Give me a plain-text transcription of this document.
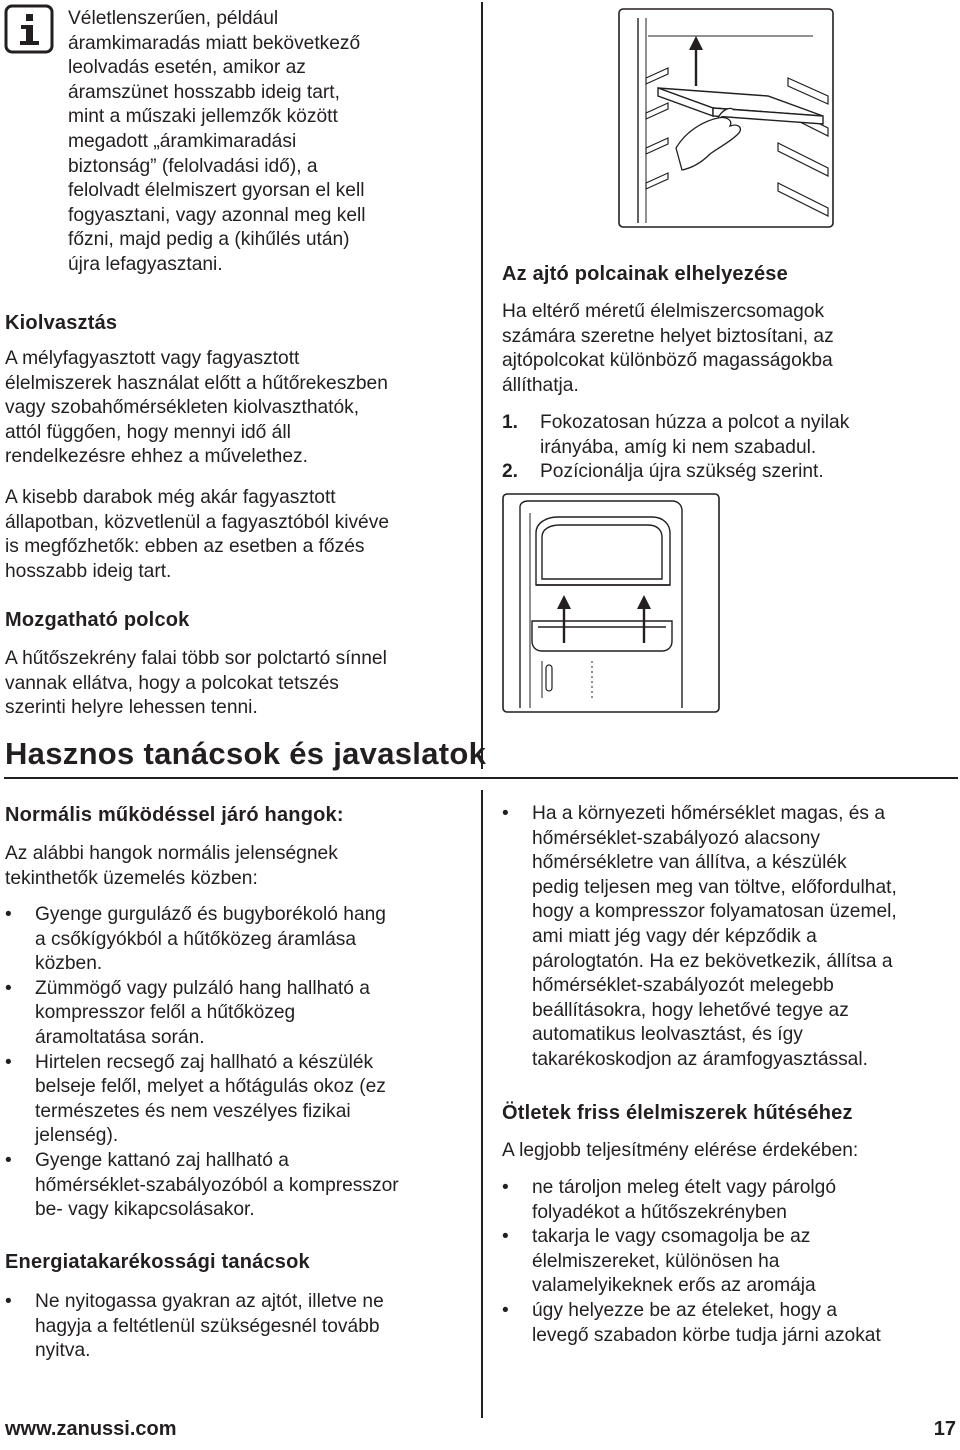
Véletlenszerűen, például
áramkimaradás miatt bekövetkező
leolvadás esetén, amikor az
áramszünet hosszabb ideig tart,
mint a műszaki jellemzők között
megadott „áramkimaradási
biztonság” (felolvadási idő), a
felolvadt élelmiszert gyorsan el kell
fogyasztani, vagy azonnal meg kell
főzni, majd pedig a (kihűlés után)
újra lefagyasztani.
Kiolvasztás
A mélyfagyasztott vagy fagyasztott
élelmiszerek használat előtt a hűtőrekeszben
vagy szobahőmérsékleten kiolvaszthatók,
attól függően, hogy mennyi idő áll
rendelkezésre ehhez a művelethez.
A kisebb darabok még akár fagyasztott
állapotban, közvetlenül a fagyasztóból kivéve
is megfőzhetők: ebben az esetben a főzés
hosszabb ideig tart.
Mozgatható polcok
A hűtőszekrény falai több sor polctartó sínnel
vannak ellátva, hogy a polcokat tetszés
szerinti helyre lehessen tenni.
Az ajtó polcainak elhelyezése
Ha eltérő méretű élelmiszercsomagok
számára szeretne helyet biztosítani, az
ajtópolcokat különböző magasságokba
állíthatja.
1. Fokozatosan húzza a polcot a nyilak
irányába, amíg ki nem szabadul.
2. Pozícionálja újra szükség szerint.
Hasznos tanácsok és javaslatok
Normális működéssel járó hangok:
Az alábbi hangok normális jelenségnek
tekinthetők üzemelés közben:
• Gyenge gurguláző és bugyborékoló hang
a csőkígyókból a hűtőközeg áramlása
közben.
• Zümmögő vagy pulzáló hang hallható a
kompresszor felől a hűtőközeg
áramoltatása során.
• Hirtelen recsegő zaj hallható a készülék
belseje felől, melyet a hőtágulás okoz (ez
természetes és nem veszélyes fizikai
jelenség).
• Gyenge kattanó zaj hallható a
hőmérséklet-szabályozóból a kompresszor
be- vagy kikapcsolásakor.
Energiatakarékossági tanácsok
• Ne nyitogassa gyakran az ajtót, illetve ne
hagyja a feltétlenül szükségesnél tovább
nyitva.
• Ha a környezeti hőmérséklet magas, és a
hőmérséklet-szabályozó alacsony
hőmérsékletre van állítva, a készülék
pedig teljesen meg van töltve, előfordulhat,
hogy a kompresszor folyamatosan üzemel,
ami miatt jég vagy dér képződik a
párologtatón. Ha ez bekövetkezik, állítsa a
hőmérséklet-szabályozót melegebb
beállításokra, hogy lehetővé tegye az
automatikus leolvasztást, és így
takarékoskodjon az áramfogyasztással.
Ötletek friss élelmiszerek hűtéséhez
A legjobb teljesítmény elérése érdekében:
• ne tároljon meleg ételt vagy párolgó
folyadékot a hűtőszekrényben
• takarja le vagy csomagolja be az
élelmiszereket, különösen ha
valamelyikeknek erős az aromája
• úgy helyezze be az ételeket, hogy a
levegő szabadon körbe tudja járni azokat
www.zanussi.com	17
